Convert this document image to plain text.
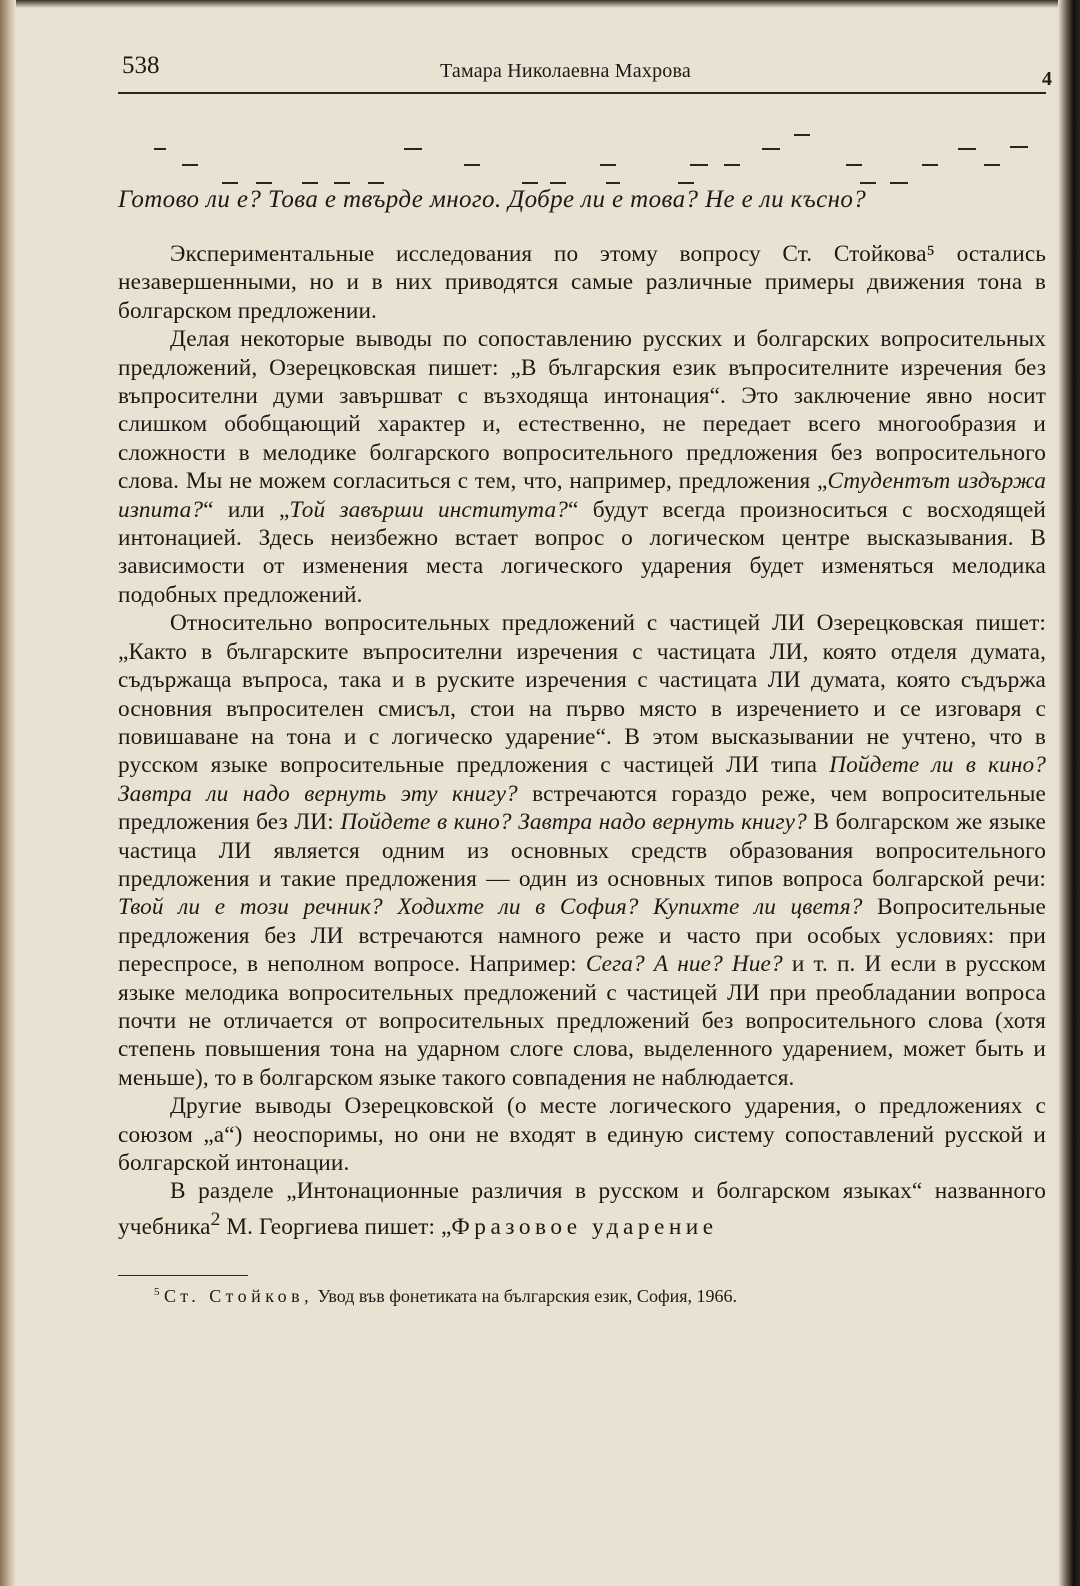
538	Тамара Николаевна Махрова	4
Готово ли е? Това е твърде много. Добре ли е това? Не е ли късно?

Экспериментальные исследования по этому вопросу Ст. Стойкова⁵ остались незавершенными, но и в них приводятся самые различные примеры движения тона в болгарском предложении.

Делая некоторые выводы по сопоставлению русских и болгарских вопросительных предложений, Озерецковская пишет: „В българския език въпросителните изречения без въпросителни думи завършват с възходяща интонация“. Это заключение явно носит слишком обобщающий характер и, естественно, не передает всего многообразия и сложности в мелодике болгарского вопросительного предложения без вопросительного слова. Мы не можем согласиться с тем, что, например, предложения „Студентът издържа изпита?“ или „Той завърши института?“ будут всегда произноситься с восходящей интонацией. Здесь неизбежно встает вопрос о логическом центре высказывания. В зависимости от изменения места логического ударения будет изменяться мелодика подобных предложений.

Относительно вопросительных предложений с частицей ЛИ Озерецковская пишет: „Както в българските въпросителни изречения с частицата ЛИ, която отделя думата, съдържаща въпроса, така и в руските изречения с частицата ЛИ думата, която съдържа основния въпросителен смисъл, стои на първо място в изречението и се изговаря с повишаване на тона и с логическо ударение“. В этом высказывании не учтено, что в русском языке вопросительные предложения с частицей ЛИ типа Пойдете ли в кино? Завтра ли надо вернуть эту книгу? встречаются гораздо реже, чем вопросительные предложения без ЛИ: Пойдете в кино? Завтра надо вернуть книгу? В болгарском же языке частица ЛИ является одним из основных средств образования вопросительного предложения и такие предложения — один из основных типов вопроса болгарской речи: Твой ли е този речник? Ходихте ли в София? Купихте ли цветя? Вопросительные предложения без ЛИ встречаются намного реже и часто при особых условиях: при переспросе, в неполном вопросе. Например: Сега? А ние? Ние? и т. п. И если в русском языке мелодика вопросительных предложений с частицей ЛИ при преобладании вопроса почти не отличается от вопросительных предложений без вопросительного слова (хотя степень повышения тона на ударном слоге слова, выделенного ударением, может быть и меньше), то в болгарском языке такого совпадения не наблюдается.

Другие выводы Озерецковской (о месте логического ударения, о предложениях с союзом „а“) неоспоримы, но они не входят в единую систему сопоставлений русской и болгарской интонации.

В разделе „Интонационные различия в русском и болгарском языках“ названного учебника$^2$ М. Георгиева пишет: „Фразовое ударение

$^5$ Ст. Стойков, Увод във фонетиката на българския език, София, 1966.
